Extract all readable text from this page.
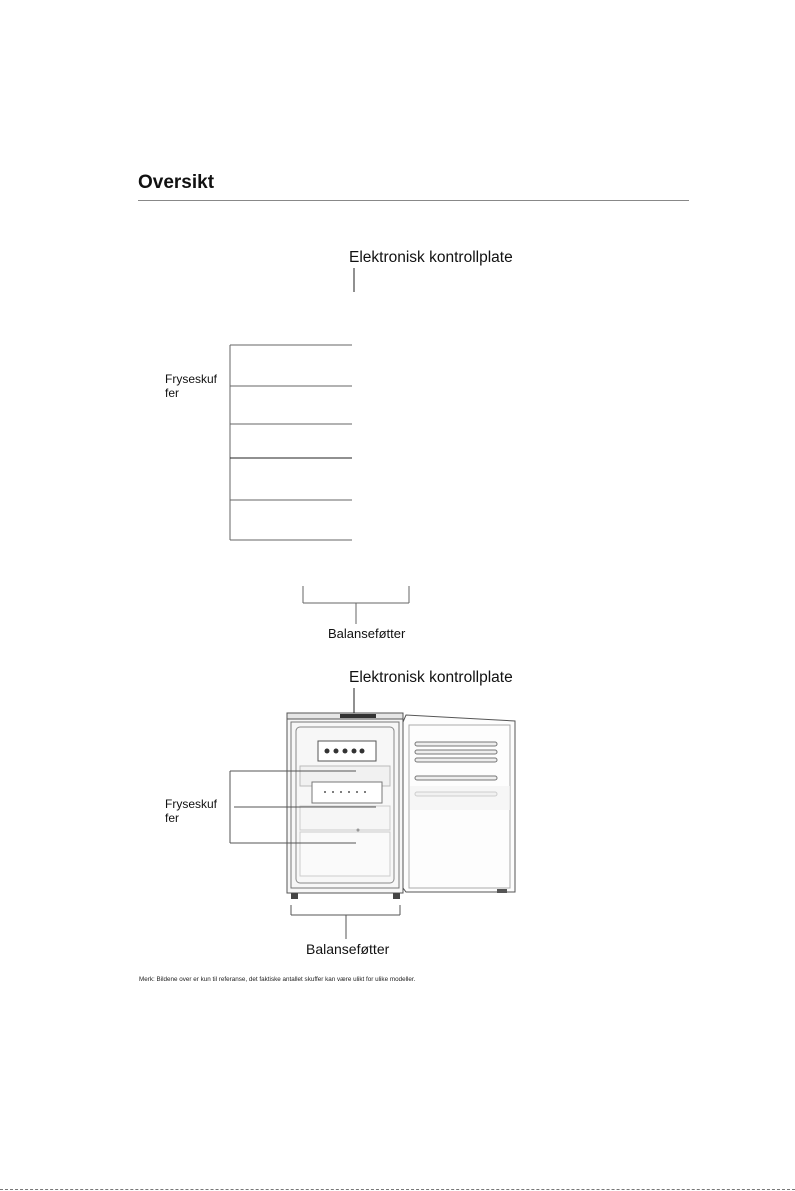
Oversikt
Elektronisk kontrollplate
Fryseskuf
fer
Balanseføtter
Elektronisk kontrollplate
Fryseskuf
fer
Balanseføtter
Merk: Bildene over er kun til referanse, det faktiske antallet skuffer kan være ulikt for ulike modeller.
